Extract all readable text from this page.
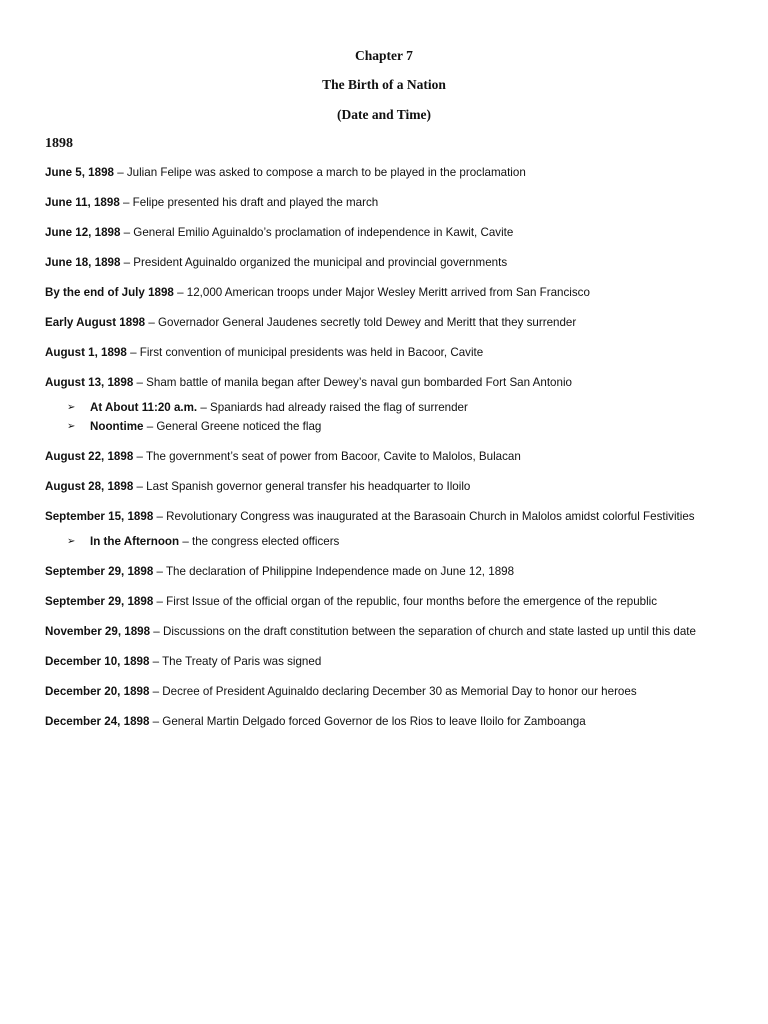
Chapter 7
The Birth of a Nation
(Date and Time)
1898
June 5, 1898 – Julian Felipe was asked to compose a march to be played in the proclamation
June 11, 1898 – Felipe presented his draft and played the march
June 12, 1898 – General Emilio Aguinaldo’s proclamation of independence in Kawit, Cavite
June 18, 1898 – President Aguinaldo organized the municipal and provincial governments
By the end of July 1898 – 12,000 American troops under Major Wesley Meritt arrived from San Francisco
Early August 1898 – Governador General Jaudenes secretly told Dewey and Meritt that they surrender
August 1, 1898 – First convention of municipal presidents was held in Bacoor, Cavite
August 13, 1898 – Sham battle of manila began after Dewey’s naval gun bombarded Fort San Antonio
➢ At About 11:20 a.m. – Spaniards had already raised the flag of surrender
➢ Noontime – General Greene noticed the flag
August 22, 1898 – The government’s seat of power from Bacoor, Cavite to Malolos, Bulacan
August 28, 1898 – Last Spanish governor general transfer his headquarter to Iloilo
September 15, 1898 – Revolutionary Congress was inaugurated at the Barasoain Church in Malolos amidst colorful Festivities
➢ In the Afternoon – the congress elected officers
September 29, 1898 – The declaration of Philippine Independence made on June 12, 1898
September 29, 1898 – First Issue of the official organ of the republic, four months before the emergence of the republic
November 29, 1898 – Discussions on the draft constitution between the separation of church and state lasted up until this date
December 10, 1898 – The Treaty of Paris was signed
December 20, 1898 – Decree of President Aguinaldo declaring December 30 as Memorial Day to honor our heroes
December 24, 1898 – General Martin Delgado forced Governor de los Rios to leave Iloilo for Zamboanga
